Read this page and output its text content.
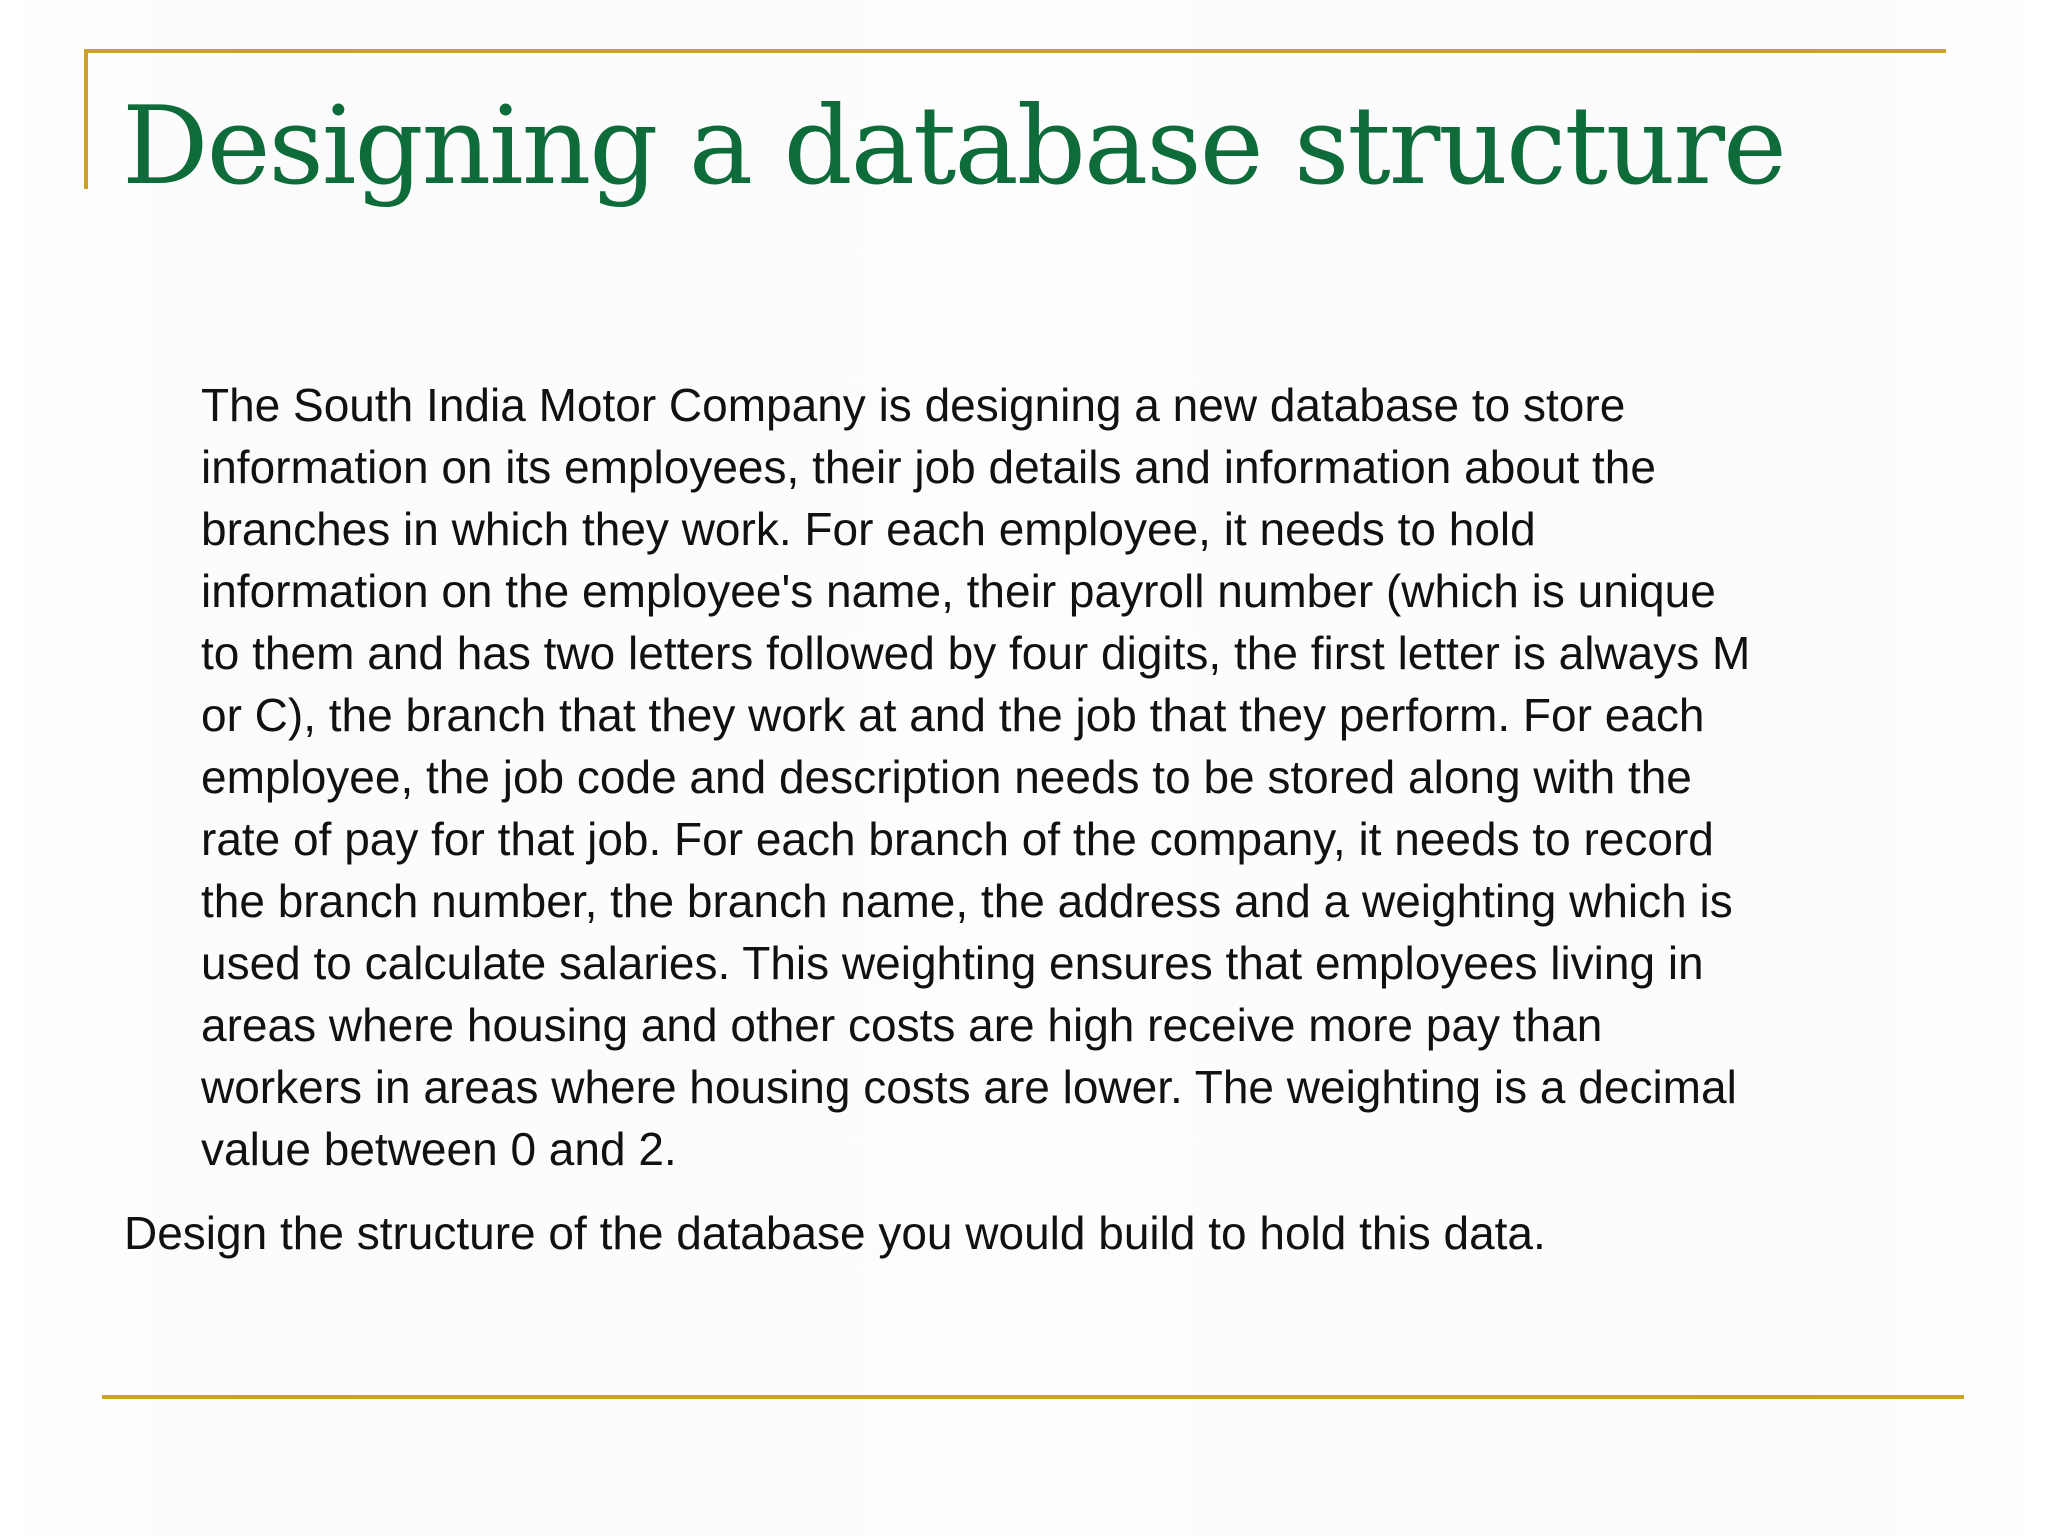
Designing a database structure
The South India Motor Company is designing a new database to store
information on its employees, their job details and information about the
branches in which they work. For each employee, it needs to hold
information on the employee's name, their payroll number (which is unique
to them and has two letters followed by four digits, the first letter is always M
or C), the branch that they work at and the job that they perform. For each
employee, the job code and description needs to be stored along with the
rate of pay for that job. For each branch of the company, it needs to record
the branch number, the branch name, the address and a weighting which is
used to calculate salaries. This weighting ensures that employees living in
areas where housing and other costs are high receive more pay than
workers in areas where housing costs are lower. The weighting is a decimal
value between 0 and 2.

Design the structure of the database you would build to hold this data.
